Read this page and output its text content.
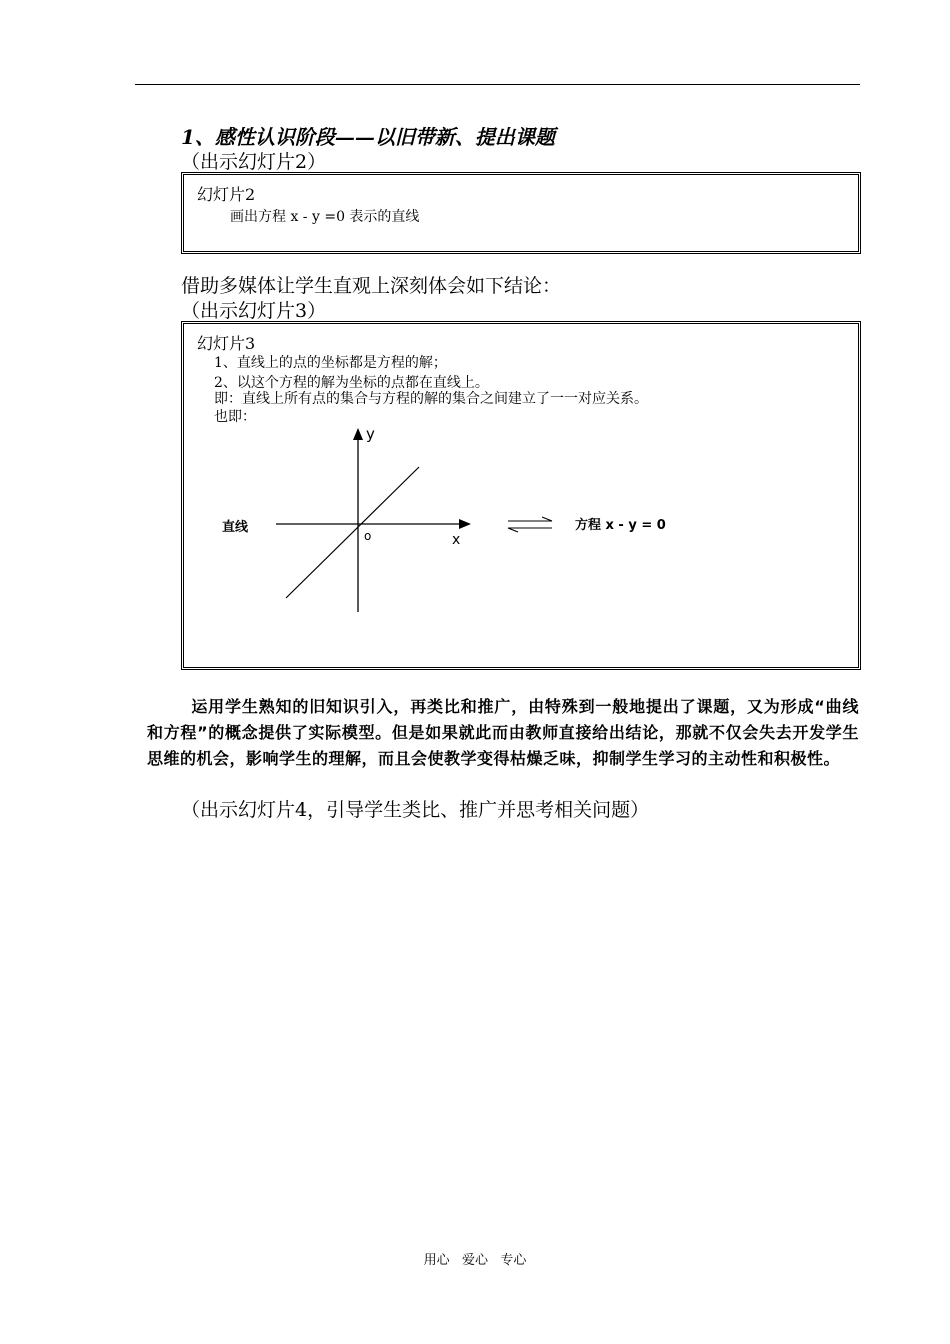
1、感性认识阶段——以旧带新、提出课题
（出示幻灯片2）
幻灯片2
画出方程 x - y =0 表示的直线
借助多媒体让学生直观上深刻体会如下结论：
（出示幻灯片3）
幻灯片3
1、直线上的点的坐标都是方程的解；
2、以这个方程的解为坐标的点都在直线上。
即：直线上所有点的集合与方程的解的集合之间建立了一一对应关系。
也即：
y
x
o
直线	方程 x - y = 0
运用学生熟知的旧知识引入，再类比和推广，由特殊到一般地提出了课题，又为形成“曲线和方程”的概念提供了实际模型。但是如果就此而由教师直接给出结论，那就不仅会失去开发学生思维的机会，影响学生的理解，而且会使教学变得枯燥乏味，抑制学生学习的主动性和积极性。
（出示幻灯片4，引导学生类比、推广并思考相关问题）
用心   爱心   专心
